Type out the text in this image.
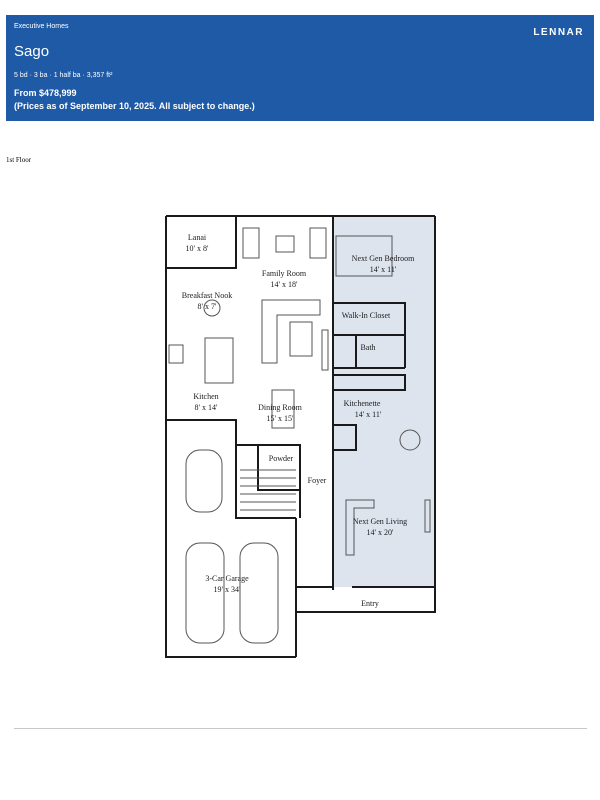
Executive Homes
LENNAR
Sago
5 bd · 3 ba · 1 half ba · 3,357 ft²
From $478,999
(Prices as of September 10, 2025. All subject to change.)
1st Floor
Lanai
10' x 8'
Family Room
14' x 18'
Breakfast Nook
8' x 7'
Kitchen
8' x 14'	Dining Room
15' x 15'
Powder
Foyer
3-Car Garage
19' x 34'
Next Gen Bedroom
14' x 11'
Walk-In Closet
Bath
Kitchenette
14' x 11'
Next Gen Living
14' x 20'
Entry
